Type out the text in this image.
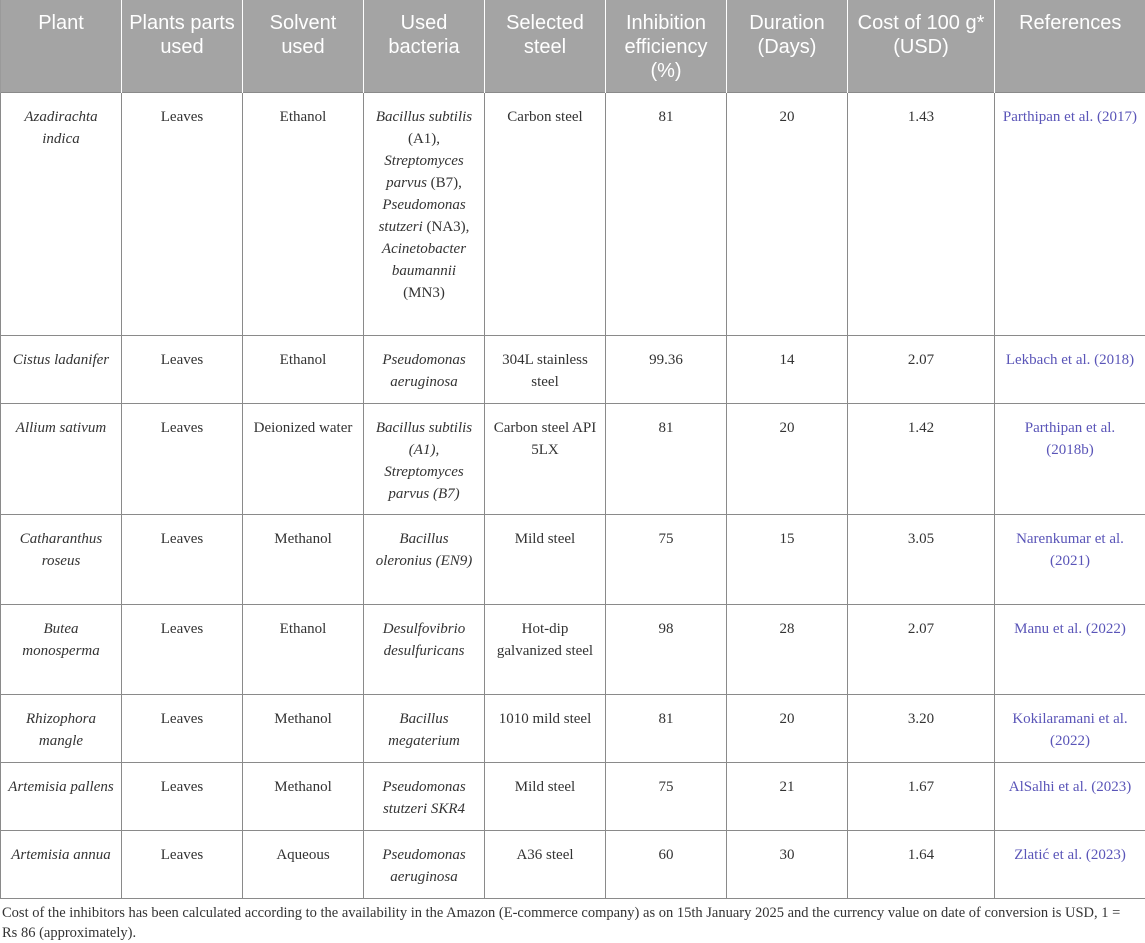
Plant	Plants parts used	Solvent used	Used bacteria	Selected steel	Inhibition efficiency (%)	Duration (Days)	Cost of 100 g*(USD)	References
Azadirachta indica	Leaves	Ethanol	Bacillus subtilis (A1), Streptomyces parvus (B7), Pseudomonas stutzeri (NA3), Acinetobacter baumannii (MN3)	Carbon steel	81	20	1.43	Parthipan et al. (2017)
Cistus ladanifer	Leaves	Ethanol	Pseudomonas aeruginosa	304L stainless steel	99.36	14	2.07	Lekbach et al. (2018)
Allium sativum	Leaves	Deionized water	Bacillus subtilis (A1), Streptomyces parvus (B7)	Carbon steel API 5LX	81	20	1.42	Parthipan et al. (2018b)
Catharanthus roseus	Leaves	Methanol	Bacillus oleronius (EN9)	Mild steel	75	15	3.05	Narenkumar et al. (2021)
Butea monosperma	Leaves	Ethanol	Desulfovibrio desulfuricans	Hot-dip galvanized steel	98	28	2.07	Manu et al. (2022)
Rhizophora mangle	Leaves	Methanol	Bacillus megaterium	1010 mild steel	81	20	3.20	Kokilaramani et al. (2022)
Artemisia pallens	Leaves	Methanol	Pseudomonas stutzeri SKR4	Mild steel	75	21	1.67	AlSalhi et al. (2023)
Artemisia annua	Leaves	Aqueous	Pseudomonas aeruginosa	A36 steel	60	30	1.64	Zlatić et al. (2023)

Cost of the inhibitors has been calculated according to the availability in the Amazon (E-commerce company) as on 15th January 2025 and the currency value on date of conversion is USD, 1 = Rs 86 (approximately).
